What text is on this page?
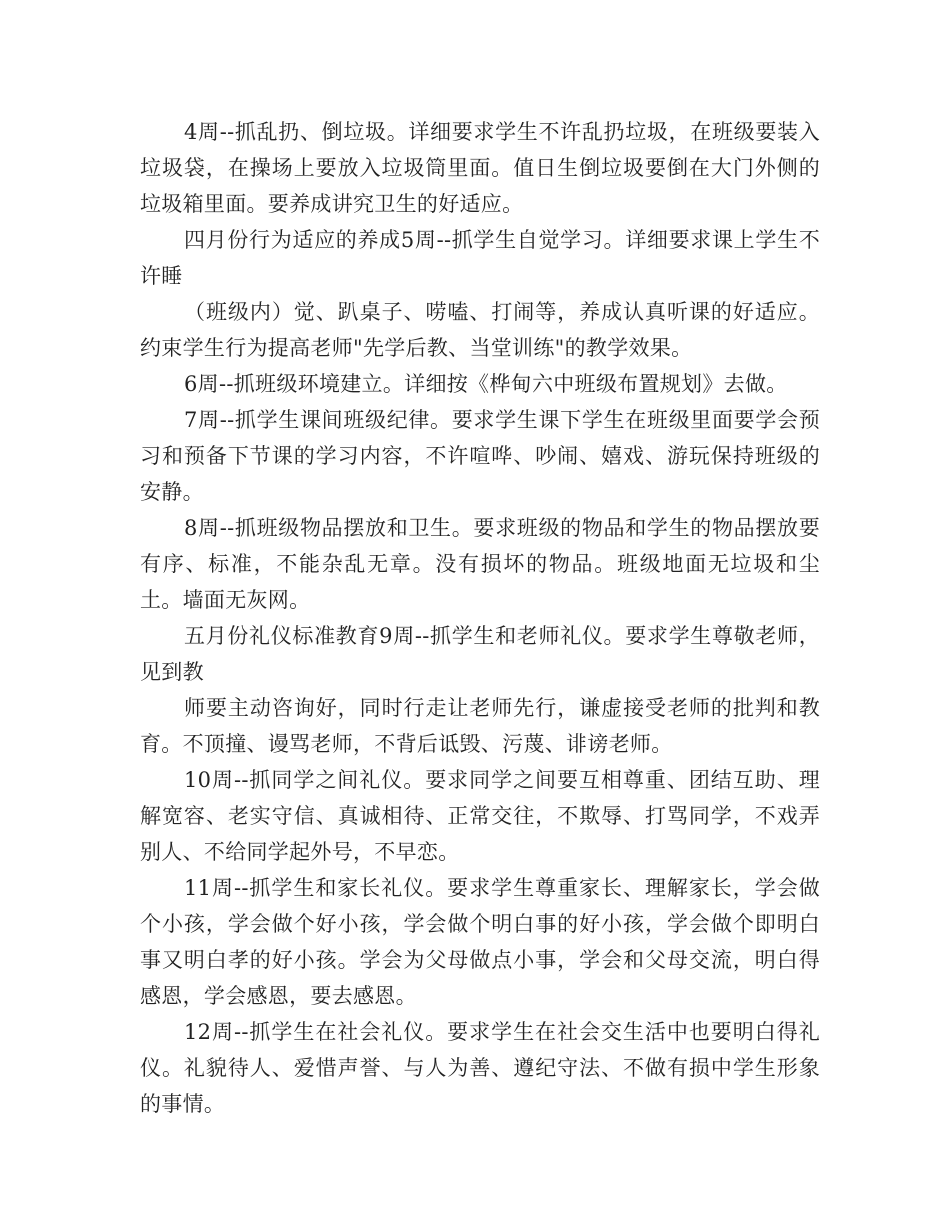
4周--抓乱扔、倒垃圾。详细要求学生不许乱扔垃圾，在班级要装入垃圾袋，在操场上要放入垃圾筒里面。值日生倒垃圾要倒在大门外侧的垃圾箱里面。要养成讲究卫生的好适应。

四月份行为适应的养成5周--抓学生自觉学习。详细要求课上学生不许睡

（班级内）觉、趴桌子、唠嗑、打闹等，养成认真听课的好适应。约束学生行为提高老师"先学后教、当堂训练"的教学效果。

6周--抓班级环境建立。详细按《桦甸六中班级布置规划》去做。

7周--抓学生课间班级纪律。要求学生课下学生在班级里面要学会预习和预备下节课的学习内容，不许喧哗、吵闹、嬉戏、游玩保持班级的安静。

8周--抓班级物品摆放和卫生。要求班级的物品和学生的物品摆放要有序、标准，不能杂乱无章。没有损坏的物品。班级地面无垃圾和尘土。墙面无灰网。

五月份礼仪标准教育9周--抓学生和老师礼仪。要求学生尊敬老师，见到教

师要主动咨询好，同时行走让老师先行，谦虚接受老师的批判和教育。不顶撞、谩骂老师，不背后诋毁、污蔑、诽谤老师。

10周--抓同学之间礼仪。要求同学之间要互相尊重、团结互助、理解宽容、老实守信、真诚相待、正常交往，不欺辱、打骂同学，不戏弄别人、不给同学起外号，不早恋。

11周--抓学生和家长礼仪。要求学生尊重家长、理解家长，学会做个小孩，学会做个好小孩，学会做个明白事的好小孩，学会做个即明白事又明白孝的好小孩。学会为父母做点小事，学会和父母交流，明白得感恩，学会感恩，要去感恩。

12周--抓学生在社会礼仪。要求学生在社会交生活中也要明白得礼仪。礼貌待人、爱惜声誉、与人为善、遵纪守法、不做有损中学生形象的事情。
